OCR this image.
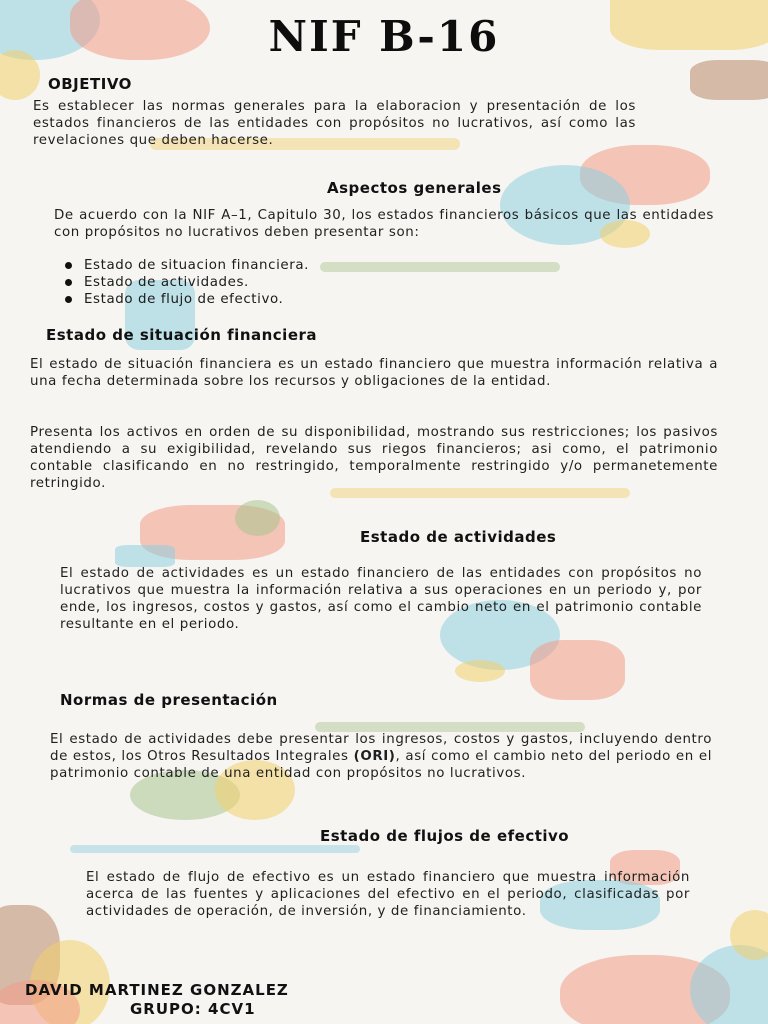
NIF B-16
OBJETIVO
Es establecer las normas generales para la elaboracion y presentación de los estados financieros de las entidades con propósitos no lucrativos, así como las revelaciones que deben hacerse.
Aspectos generales
De acuerdo con la NIF A–1, Capitulo 30, los estados financieros básicos que las entidades con propósitos no lucrativos deben presentar son:
Estado de situacion financiera.
Estado de actividades.
Estado de flujo de efectivo.
Estado de situación financiera
El estado de situación financiera es un estado financiero que muestra información relativa a una fecha determinada sobre los recursos y obligaciones de la entidad.
Presenta los activos en orden de su disponibilidad, mostrando sus restricciones; los pasivos atendiendo a su exigibilidad, revelando sus riegos financieros; asi como, el patrimonio contable clasificando en no restringido, temporalmente restringido y/o permanetemente retringido.
Estado de actividades
El estado de actividades es un estado financiero de las entidades con propósitos no lucrativos que muestra la información relativa a sus operaciones en un periodo y, por ende, los ingresos, costos y gastos, así como el cambio neto en el patrimonio contable resultante en el periodo.
Normas de presentación
El estado de actividades debe presentar los ingresos, costos y gastos, incluyendo dentro de estos, los Otros Resultados Integrales (ORI), así como el cambio neto del periodo en el patrimonio contable de una entidad con propósitos no lucrativos.
Estado de flujos de efectivo
El estado de flujo de efectivo es un estado financiero que muestra información acerca de las fuentes y aplicaciones del efectivo en el periodo, clasificadas por actividades de operación, de inversión, y de financiamiento.
DAVID MARTINEZ GONZALEZ
GRUPO: 4CV1
